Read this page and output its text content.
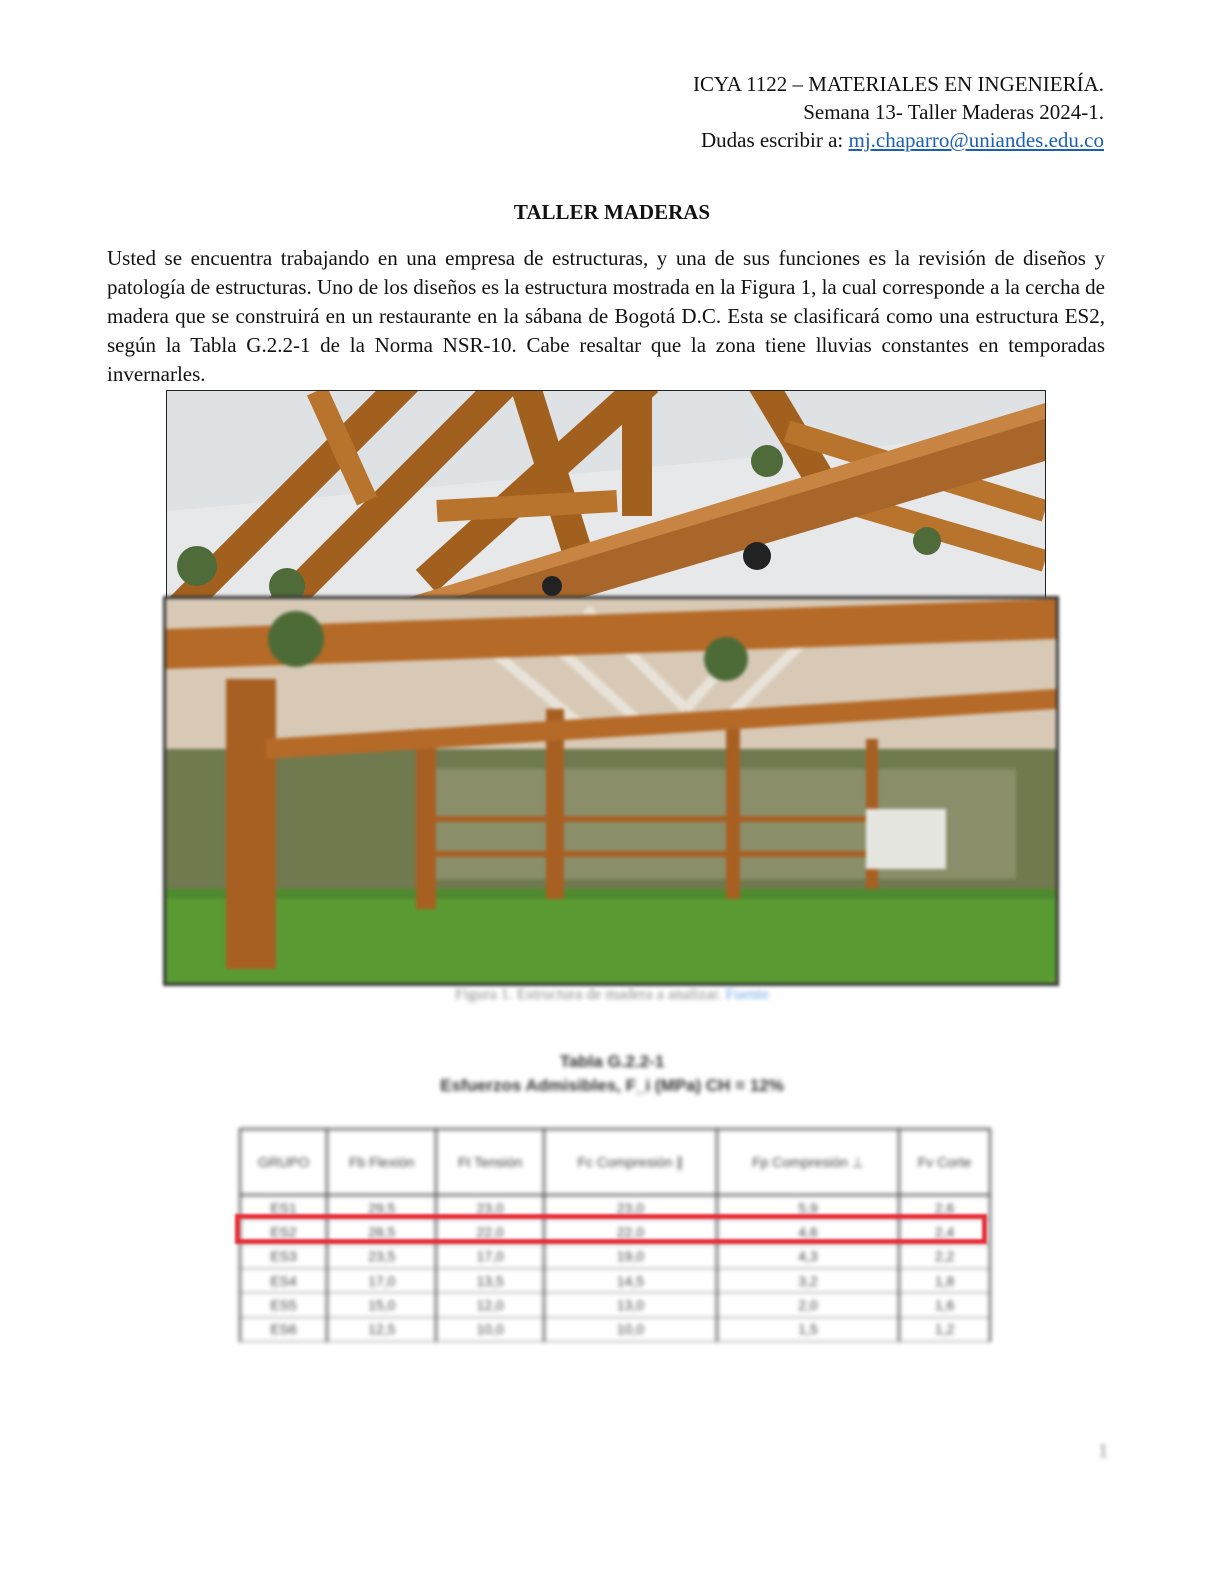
ICYA 1122 – MATERIALES EN INGENIERÍA.
Semana 13- Taller Maderas 2024-1.
Dudas escribir a: mj.chaparro@uniandes.edu.co
TALLER MADERAS
Usted se encuentra trabajando en una empresa de estructuras, y una de sus funciones es la revisión de diseños y patología de estructuras. Uno de los diseños es la estructura mostrada en la Figura 1, la cual corresponde a la cercha de madera que se construirá en un restaurante en la sábana de Bogotá D.C. Esta se clasificará como una estructura ES2, según la Tabla G.2.2-1 de la Norma NSR-10. Cabe resaltar que la zona tiene lluvias constantes en temporadas invernarles.
Figura 1. Estructura de madera a analizar. Fuente
Tabla G.2.2-1
Esfuerzos Admisibles, F_i (MPa) CH = 12%
GRUPO	Fb Flexión	Ft Tensión	Fc Compresión ∥	Fp Compresión ⊥	Fv Corte
ES1	29,5	23,0	23,0	5,9	2,6
ES2	28,5	22,0	22,0	4,6	2,4
ES3	23,5	17,0	19,0	4,3	2,2
ES4	17,0	13,5	14,5	3,2	1,8
ES5	15,0	12,0	13,0	2,0	1,6
ES6	12,5	10,0	10,0	1,5	1,2
1
